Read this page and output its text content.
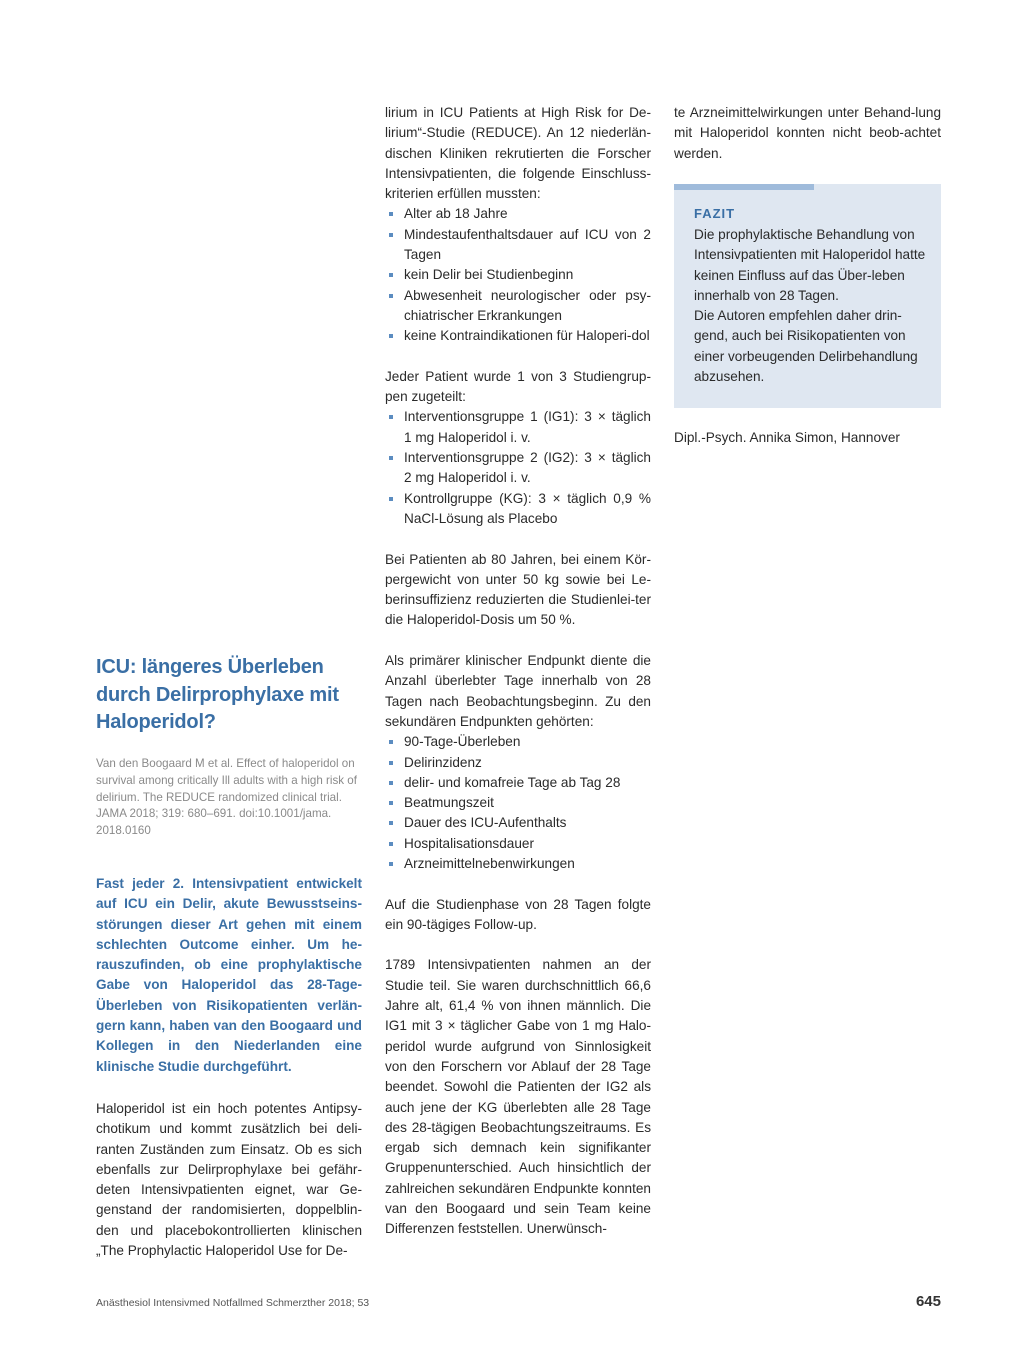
ICU: längeres Überleben durch Delirprophylaxe mit Haloperidol?
Van den Boogaard M et al. Effect of haloperidol on survival among critically Ill adults with a high risk of delirium. The REDUCE randomized clinical trial. JAMA 2018; 319: 680–691. doi:10.1001/jama. 2018.0160

Fast jeder 2. Intensivpatient entwickelt auf ICU ein Delir, akute Bewusstseins-störungen dieser Art gehen mit einem schlechten Outcome einher. Um he-rauszufinden, ob eine prophylaktische Gabe von Haloperidol das 28-Tage-Überleben von Risikopatienten verlän-gern kann, haben van den Boogaard und Kollegen in den Niederlanden eine klinische Studie durchgeführt.

Haloperidol ist ein hoch potentes Antipsy-chotikum und kommt zusätzlich bei deli-ranten Zuständen zum Einsatz. Ob es sich ebenfalls zur Delirprophylaxe bei gefähr-deten Intensivpatienten eignet, war Ge-genstand der randomisierten, doppelblin-den und placebokontrollierten klinischen „The Prophylactic Haloperidol Use for De-

lirium in ICU Patients at High Risk for De-lirium“-Studie (REDUCE). An 12 niederlän-dischen Kliniken rekrutierten die Forscher Intensivpatienten, die folgende Einschluss-kriterien erfüllen mussten:

Alter ab 18 Jahre
Mindestaufenthaltsdauer auf ICU von 2 Tagen
kein Delir bei Studienbeginn
Abwesenheit neurologischer oder psy-chiatrischer Erkrankungen
keine Kontraindikationen für Haloperi-dol

Jeder Patient wurde 1 von 3 Studiengrup-pen zugeteilt:

Interventionsgruppe 1 (IG1): 3 × täglich 1 mg Haloperidol i. v.
Interventionsgruppe 2 (IG2): 3 × täglich 2 mg Haloperidol i. v.
Kontrollgruppe (KG): 3 × täglich 0,9 % NaCl-Lösung als Placebo

Bei Patienten ab 80 Jahren, bei einem Kör-pergewicht von unter 50 kg sowie bei Le-berinsuffizienz reduzierten die Studienlei-ter die Haloperidol-Dosis um 50 %.

Als primärer klinischer Endpunkt diente die Anzahl überlebter Tage innerhalb von 28 Tagen nach Beobachtungsbeginn. Zu den sekundären Endpunkten gehörten:

90-Tage-Überleben
Delirinzidenz
delir- und komafreie Tage ab Tag 28
Beatmungszeit
Dauer des ICU-Aufenthalts
Hospitalisationsdauer
Arzneimittelnebenwirkungen

Auf die Studienphase von 28 Tagen folgte ein 90-tägiges Follow-up.

1789 Intensivpatienten nahmen an der Studie teil. Sie waren durchschnittlich 66,6 Jahre alt, 61,4 % von ihnen männlich. Die IG1 mit 3 × täglicher Gabe von 1 mg Halo-peridol wurde aufgrund von Sinnlosigkeit von den Forschern vor Ablauf der 28 Tage beendet. Sowohl die Patienten der IG2 als auch jene der KG überlebten alle 28 Tage des 28-tägigen Beobachtungszeitraums. Es ergab sich demnach kein signifikanter Gruppenunterschied. Auch hinsichtlich der zahlreichen sekundären Endpunkte konnten van den Boogaard und sein Team keine Differenzen feststellen. Unerwünsch-

te Arzneimittelwirkungen unter Behand-lung mit Haloperidol konnten nicht beob-achtet werden.

FAZIT

Die prophylaktische Behandlung von Intensivpatienten mit Haloperidol hatte keinen Einfluss auf das Über-leben innerhalb von 28 Tagen.

Die Autoren empfehlen daher drin-gend, auch bei Risikopatienten von einer vorbeugenden Delirbehandlung abzusehen.

Dipl.-Psych. Annika Simon, Hannover
Anästhesiol Intensivmed Notfallmed Schmerzther 2018; 53	645
